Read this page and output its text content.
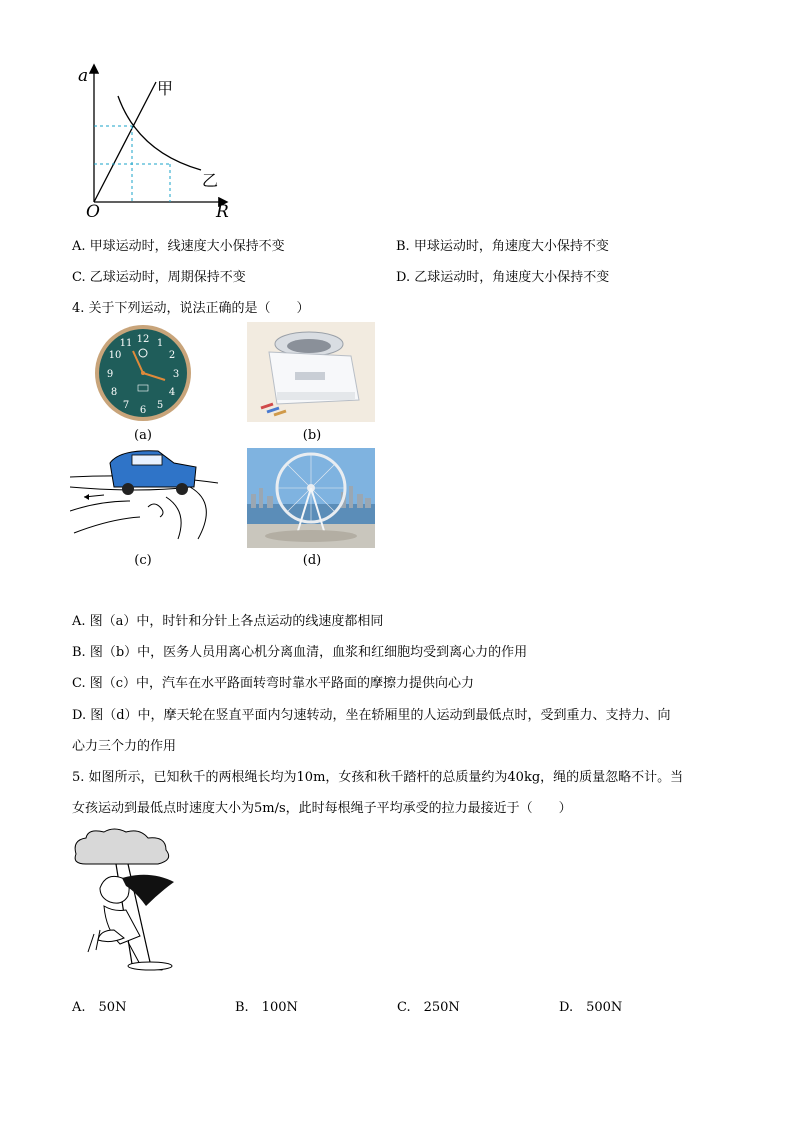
a
R
O
甲
乙
A. 甲球运动时，线速度大小保持不变	B. 甲球运动时，角速度大小保持不变
C. 乙球运动时，周期保持不变	D. 乙球运动时，角速度大小保持不变
4. 关于下列运动，说法正确的是（　　）
12 1
2
3
4
5
6
7
8
9
10
11
(a)	(b)
(c)	(d)
A. 图（a）中，时针和分针上各点运动的线速度都相同
B. 图（b）中，医务人员用离心机分离血清，血浆和红细胞均受到离心力的作用
C. 图（c）中，汽车在水平路面转弯时靠水平路面的摩擦力提供向心力
D. 图（d）中，摩天轮在竖直平面内匀速转动，坐在轿厢里的人运动到最低点时，受到重力、支持力、向
心力三个力的作用
5. 如图所示，已知秋千的两根绳长均为10m，女孩和秋千踏杆的总质量约为40kg，绳的质量忽略不计。当
女孩运动到最低点时速度大小为5m/s，此时每根绳子平均承受的拉力最接近于（　　）
A.　50N	B.　100N	C.　250N	D.　500N
